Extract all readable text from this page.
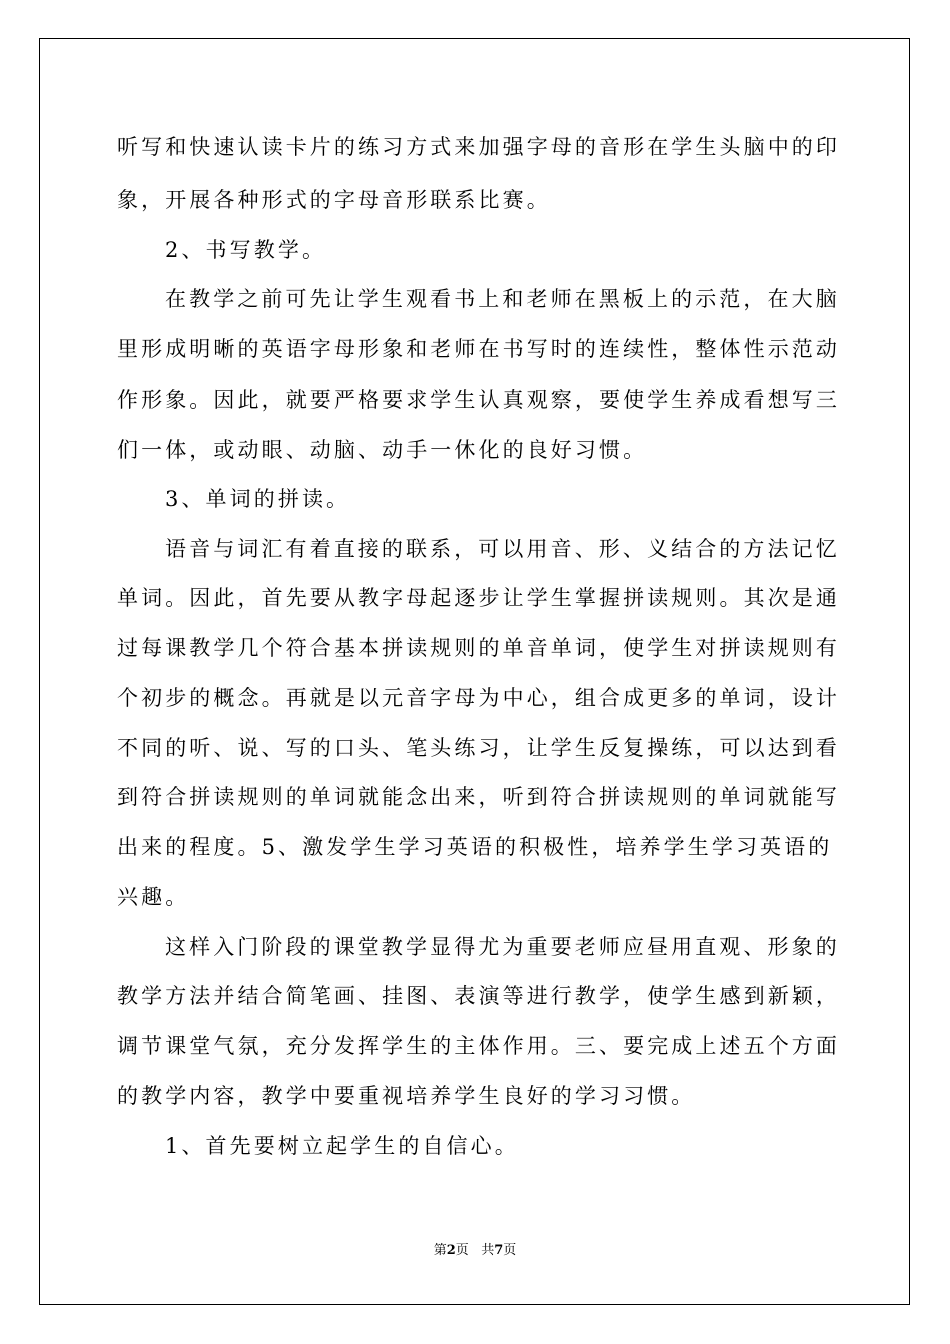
听写和快速认读卡片的练习方式来加强字母的音形在学生头脑中的印
象，开展各种形式的字母音形联系比赛。
2、书写教学。
在教学之前可先让学生观看书上和老师在黑板上的示范，在大脑
里形成明晰的英语字母形象和老师在书写时的连续性，整体性示范动
作形象。因此，就要严格要求学生认真观察，要使学生养成看想写三
们一体，或动眼、动脑、动手一休化的良好习惯。
3、单词的拼读。
语音与词汇有着直接的联系，可以用音、形、义结合的方法记忆
单词。因此，首先要从教字母起逐步让学生掌握拼读规则。其次是通
过每课教学几个符合基本拼读规则的单音单词，使学生对拼读规则有
个初步的概念。再就是以元音字母为中心，组合成更多的单词，设计
不同的听、说、写的口头、笔头练习，让学生反复操练，可以达到看
到符合拼读规则的单词就能念出来，听到符合拼读规则的单词就能写
出来的程度。5、激发学生学习英语的积极性，培养学生学习英语的
兴趣。
这样入门阶段的课堂教学显得尤为重要老师应昼用直观、形象的
教学方法并结合简笔画、挂图、表演等进行教学，使学生感到新颖，
调节课堂气氛，充分发挥学生的主体作用。三、要完成上述五个方面
的教学内容，教学中要重视培养学生良好的学习习惯。
1、首先要树立起学生的自信心。
第2页 共7页
